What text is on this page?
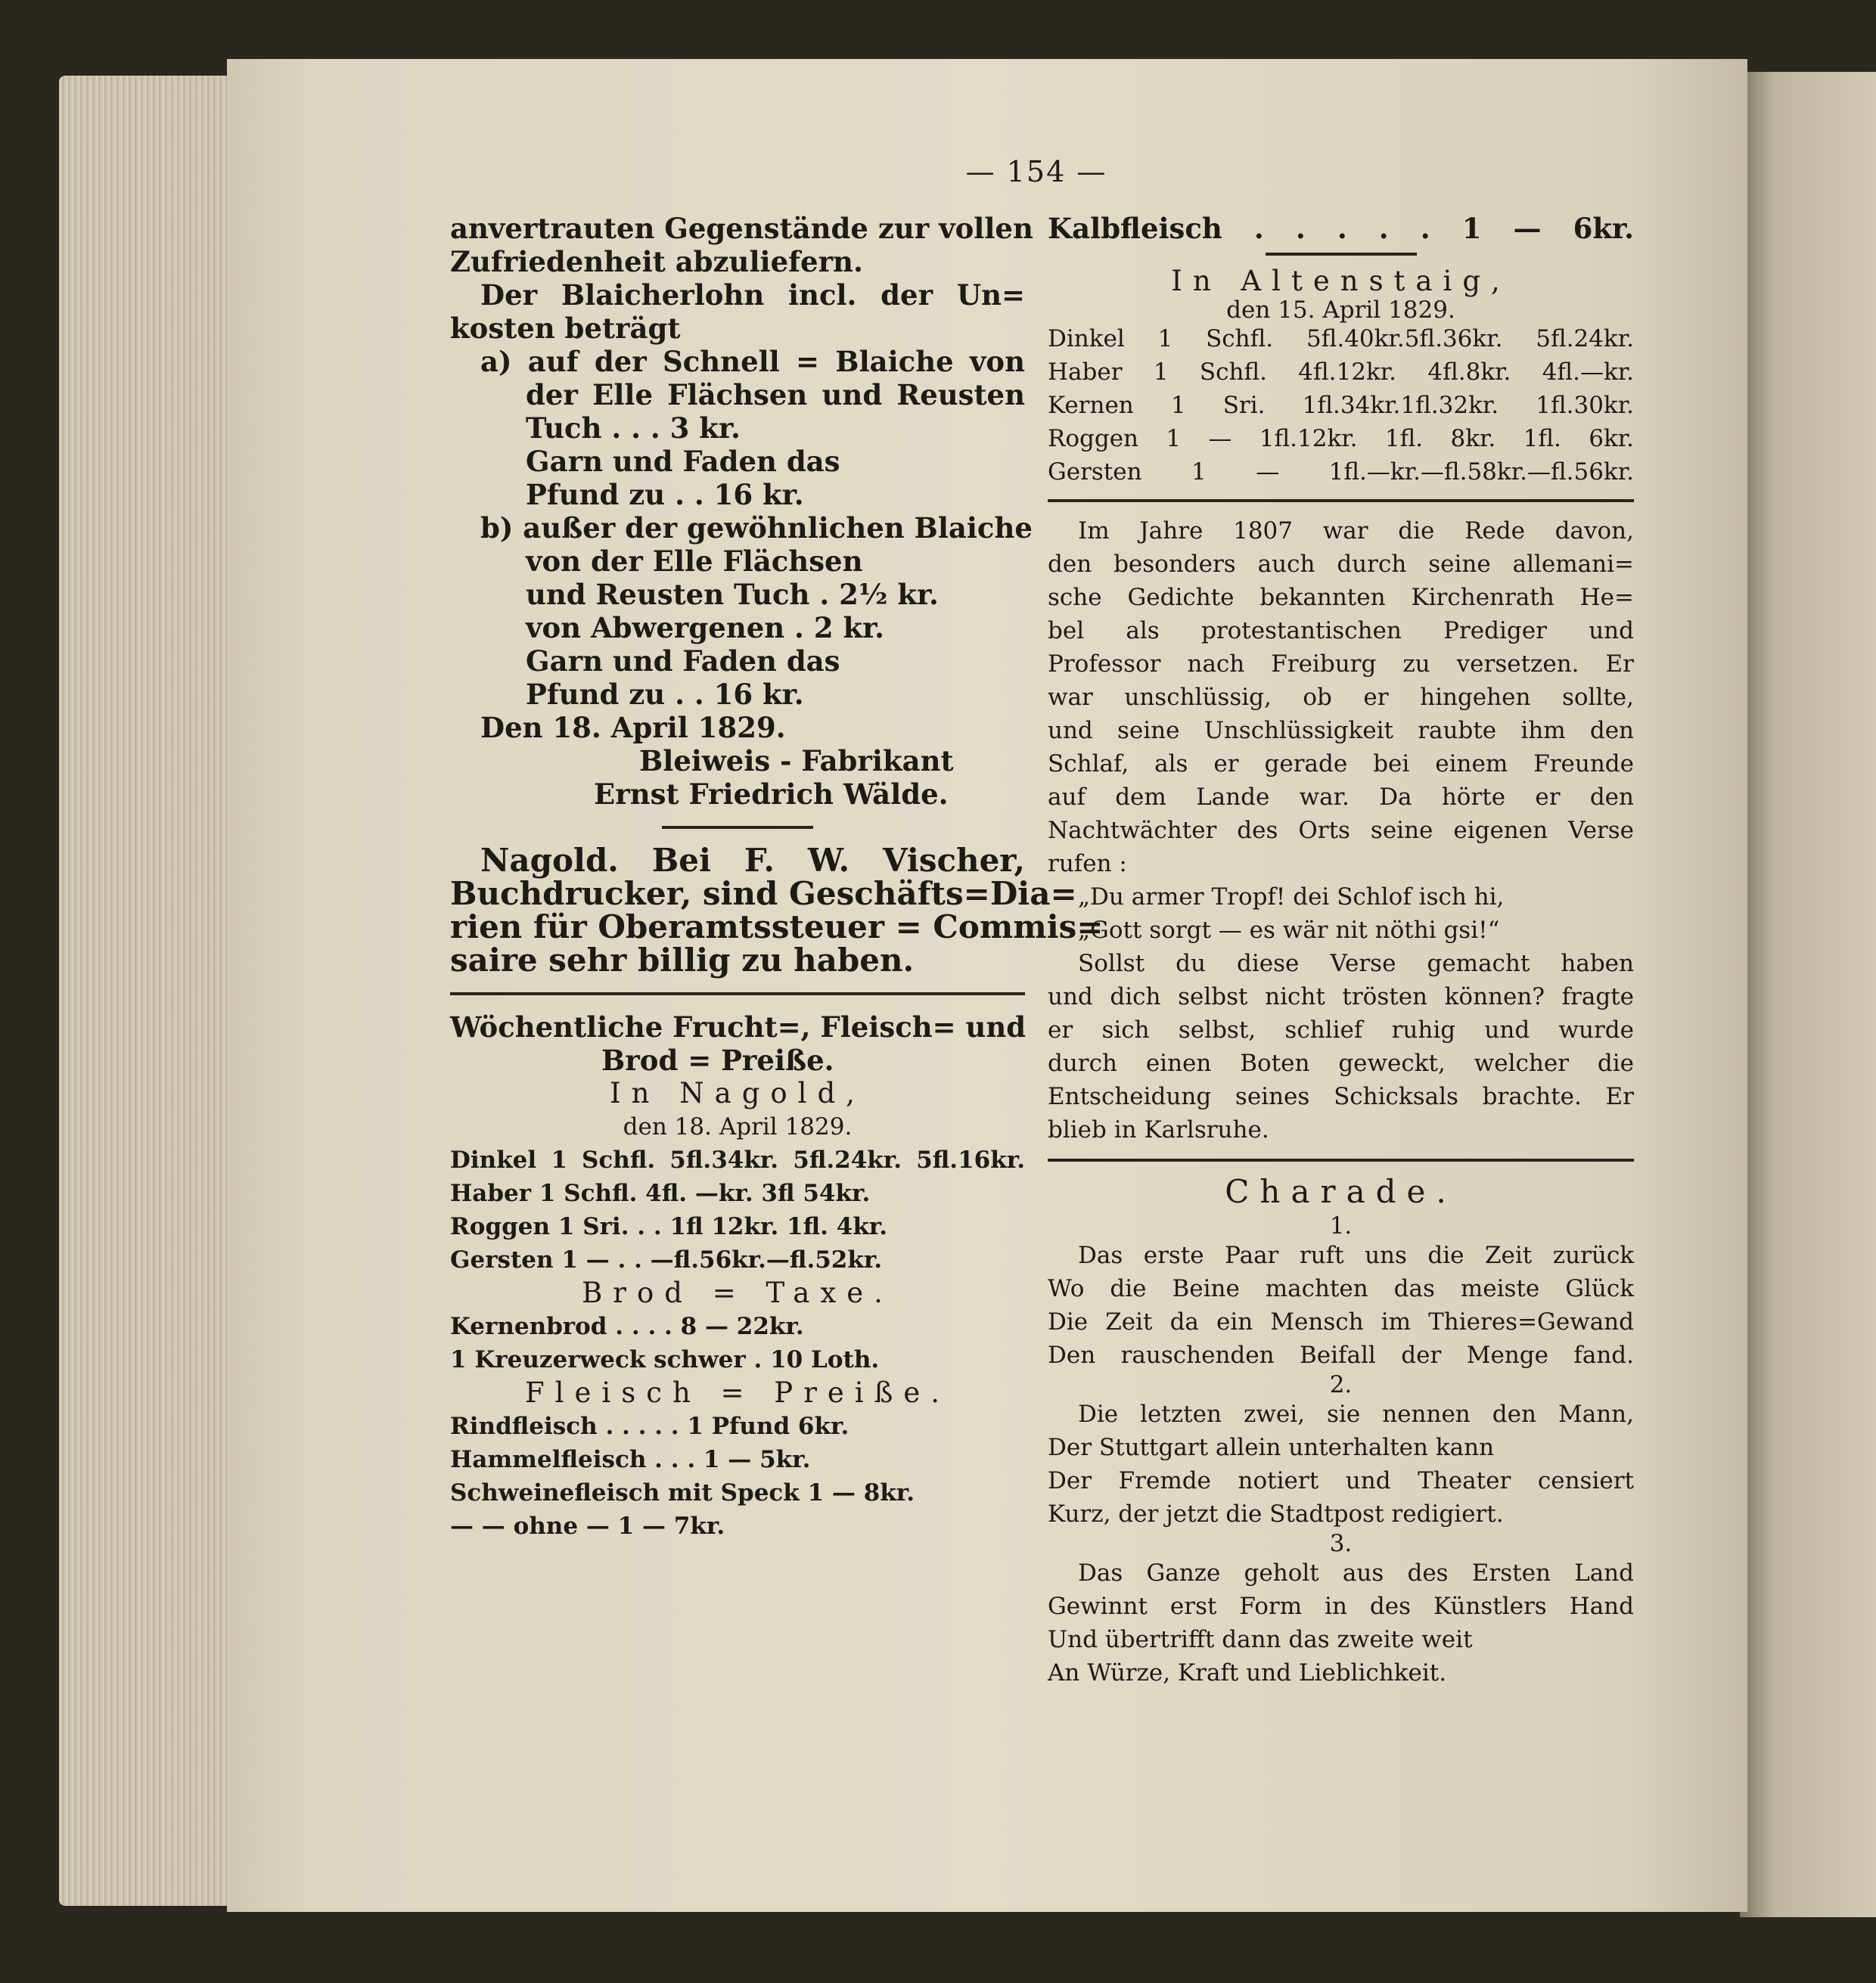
— 154 —
anvertrauten Gegenstände zur vollen
Zufriedenheit abzuliefern.
Der Blaicherlohn incl. der Un=
kosten beträgt
a) auf der Schnell = Blaiche von
der Elle Flächsen und Reusten
Tuch . . . 3 kr.
Garn und Faden das
Pfund zu . . 16 kr.
b) außer der gewöhnlichen Blaiche
von der Elle Flächsen
und Reusten Tuch . 2½ kr.
von Abwergenen . 2 kr.
Garn und Faden das
Pfund zu . . 16 kr.
Den 18. April 1829.
Bleiweis - Fabrikant
Ernst Friedrich Wälde.
Nagold. Bei F. W. Vischer,
Buchdrucker, sind Geschäfts=Dia=
rien für Oberamtssteuer = Commis=
saire sehr billig zu haben.
Wöchentliche Frucht=, Fleisch= und
Brod = Preiße.
In Nagold,
den 18. April 1829.
Dinkel 1 Schfl. 5fl.34kr. 5fl.24kr. 5fl.16kr.
Haber 1 Schfl. 4fl. —kr. 3fl 54kr.
Roggen 1 Sri. . . 1fl 12kr. 1fl. 4kr.
Gersten 1 — . . —fl.56kr.—fl.52kr.
Brod = Taxe.
Kernenbrod . . . . 8 — 22kr.
1 Kreuzerweck schwer . 10 Loth.
Fleisch = Preiße.
Rindfleisch . . . . . 1 Pfund 6kr.
Hammelfleisch . . . 1 — 5kr.
Schweinefleisch mit Speck 1 — 8kr.
— — ohne — 1 — 7kr.
Kalbfleisch . . . . . 1 — 6kr.
In Altenstaig,
den 15. April 1829.
Dinkel 1 Schfl. 5fl.40kr.5fl.36kr. 5fl.24kr.
Haber 1 Schfl. 4fl.12kr. 4fl.8kr. 4fl.—kr.
Kernen 1 Sri. 1fl.34kr.1fl.32kr. 1fl.30kr.
Roggen 1 — 1fl.12kr. 1fl. 8kr. 1fl. 6kr.
Gersten 1 — 1fl.—kr.—fl.58kr.—fl.56kr.
Im Jahre 1807 war die Rede davon,
den besonders auch durch seine allemani=
sche Gedichte bekannten Kirchenrath He=
bel als protestantischen Prediger und
Professor nach Freiburg zu versetzen. Er
war unschlüssig, ob er hingehen sollte,
und seine Unschlüssigkeit raubte ihm den
Schlaf, als er gerade bei einem Freunde
auf dem Lande war. Da hörte er den
Nachtwächter des Orts seine eigenen Verse
rufen :
„Du armer Tropf! dei Schlof isch hi,
„Gott sorgt — es wär nit nöthi gsi!“
Sollst du diese Verse gemacht haben
und dich selbst nicht trösten können? fragte
er sich selbst, schlief ruhig und wurde
durch einen Boten geweckt, welcher die
Entscheidung seines Schicksals brachte. Er
blieb in Karlsruhe.
Charade.
1.
Das erste Paar ruft uns die Zeit zurück
Wo die Beine machten das meiste Glück
Die Zeit da ein Mensch im Thieres=Gewand
Den rauschenden Beifall der Menge fand.
2.
Die letzten zwei, sie nennen den Mann,
Der Stuttgart allein unterhalten kann
Der Fremde notiert und Theater censiert
Kurz, der jetzt die Stadtpost redigiert.
3.
Das Ganze geholt aus des Ersten Land
Gewinnt erst Form in des Künstlers Hand
Und übertrifft dann das zweite weit
An Würze, Kraft und Lieblichkeit.
